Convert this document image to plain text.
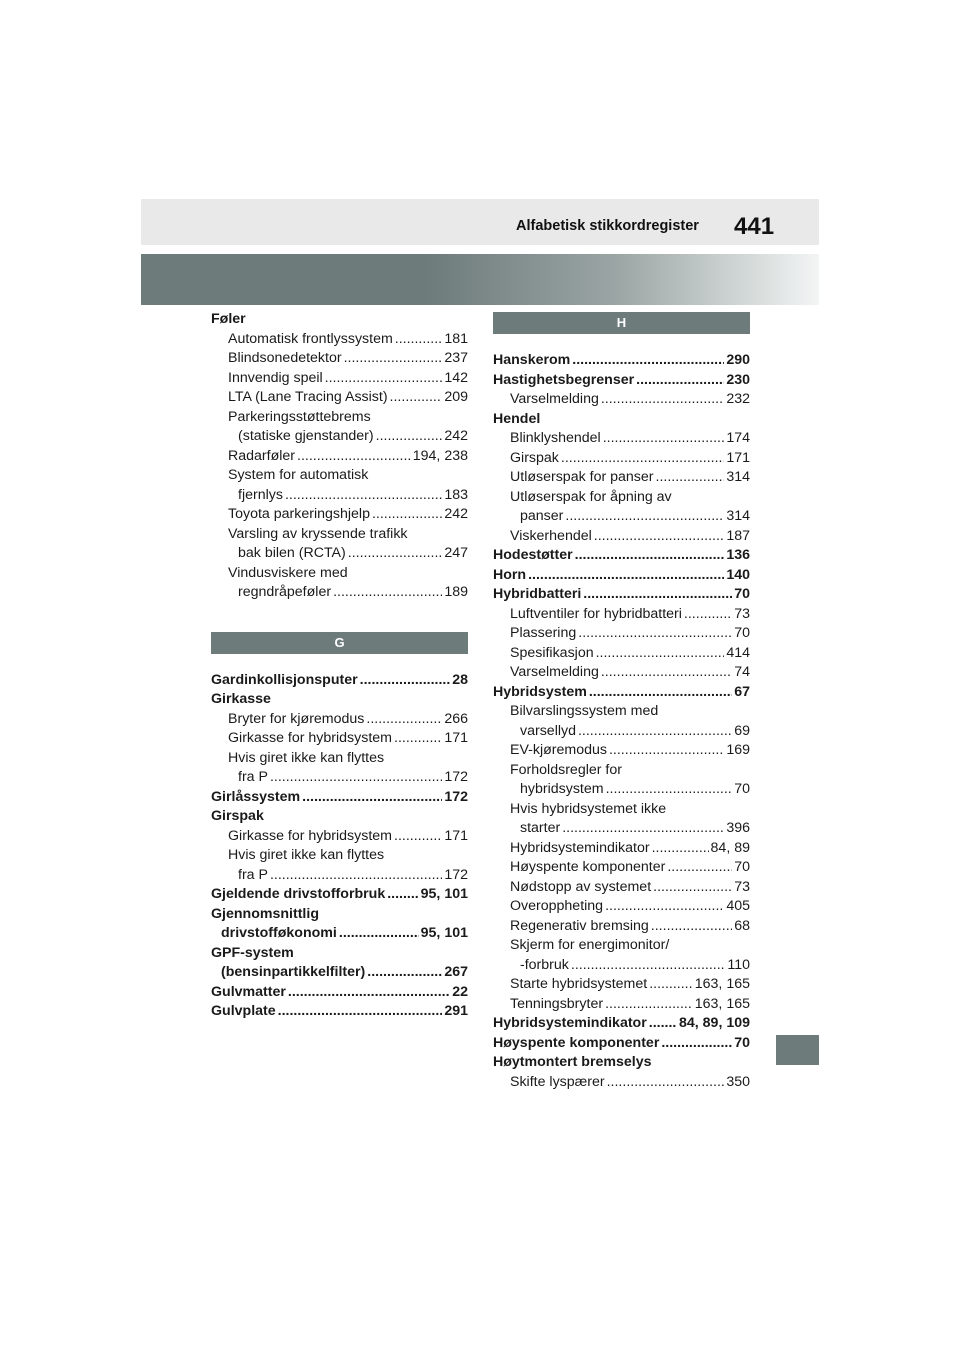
Alfabetisk stikkordregister 441
Føler
Automatisk frontlyssystem .....	181
Blindsonedetektor .....	237
Innvendig speil .....	142
LTA (Lane Tracing Assist) .....	209
Parkeringsstøttebrems
(statiske gjenstander) .....	242
Radarføler .....	194, 238
System for automatisk
fjernlys .....	183
Toyota parkeringshjelp .....	242
Varsling av kryssende trafikk
bak bilen (RCTA) .....	247
Vindusviskere med
regndråpeføler .....	189
G
Gardinkollisjonsputer .....	28
Girkasse
Bryter for kjøremodus .....	266
Girkasse for hybridsystem .....	171
Hvis giret ikke kan flyttes
fra P .....	172
Girlåssystem .....	172
Girspak
Girkasse for hybridsystem .....	171
Hvis giret ikke kan flyttes
fra P .....	172
Gjeldende drivstofforbruk ..... 95, 101
Gjennomsnittlig
drivstofføkonomi .....	95, 101
GPF-system
(bensinpartikkelfilter) .....	267
Gulvmatter .....	22
Gulvplate .....	291
H
Hanskerom .....	290
Hastighetsbegrenser .....	230
Varselmelding .....	232
Hendel
Blinklyshendel .....	174
Girspak .....	171
Utløserspak for panser .....	314
Utløserspak for åpning av
panser .....	314
Viskerhendel .....	187
Hodestøtter .....	136
Horn .....	140
Hybridbatteri .....	70
Luftventiler for hybridbatteri .....	73
Plassering .....	70
Spesifikasjon .....	414
Varselmelding .....	74
Hybridsystem .....	67
Bilvarslingssystem med
varsellyd .....	69
EV-kjøremodus .....	169
Forholdsregler for
hybridsystem .....	70
Hvis hybridsystemet ikke
starter .....	396
Hybridsystemindikator .....	84, 89
Høyspente komponenter .....	70
Nødstopp av systemet .....	73
Overoppheting .....	405
Regenerativ bremsing .....	68
Skjerm for energimonitor/
-forbruk .....	110
Starte hybridsystemet .....	163, 165
Tenningsbryter .....	163, 165
Hybridsystemindikator ..... 84, 89, 109
Høyspente komponenter .....	70
Høytmontert bremselys
Skifte lyspærer .....	350
